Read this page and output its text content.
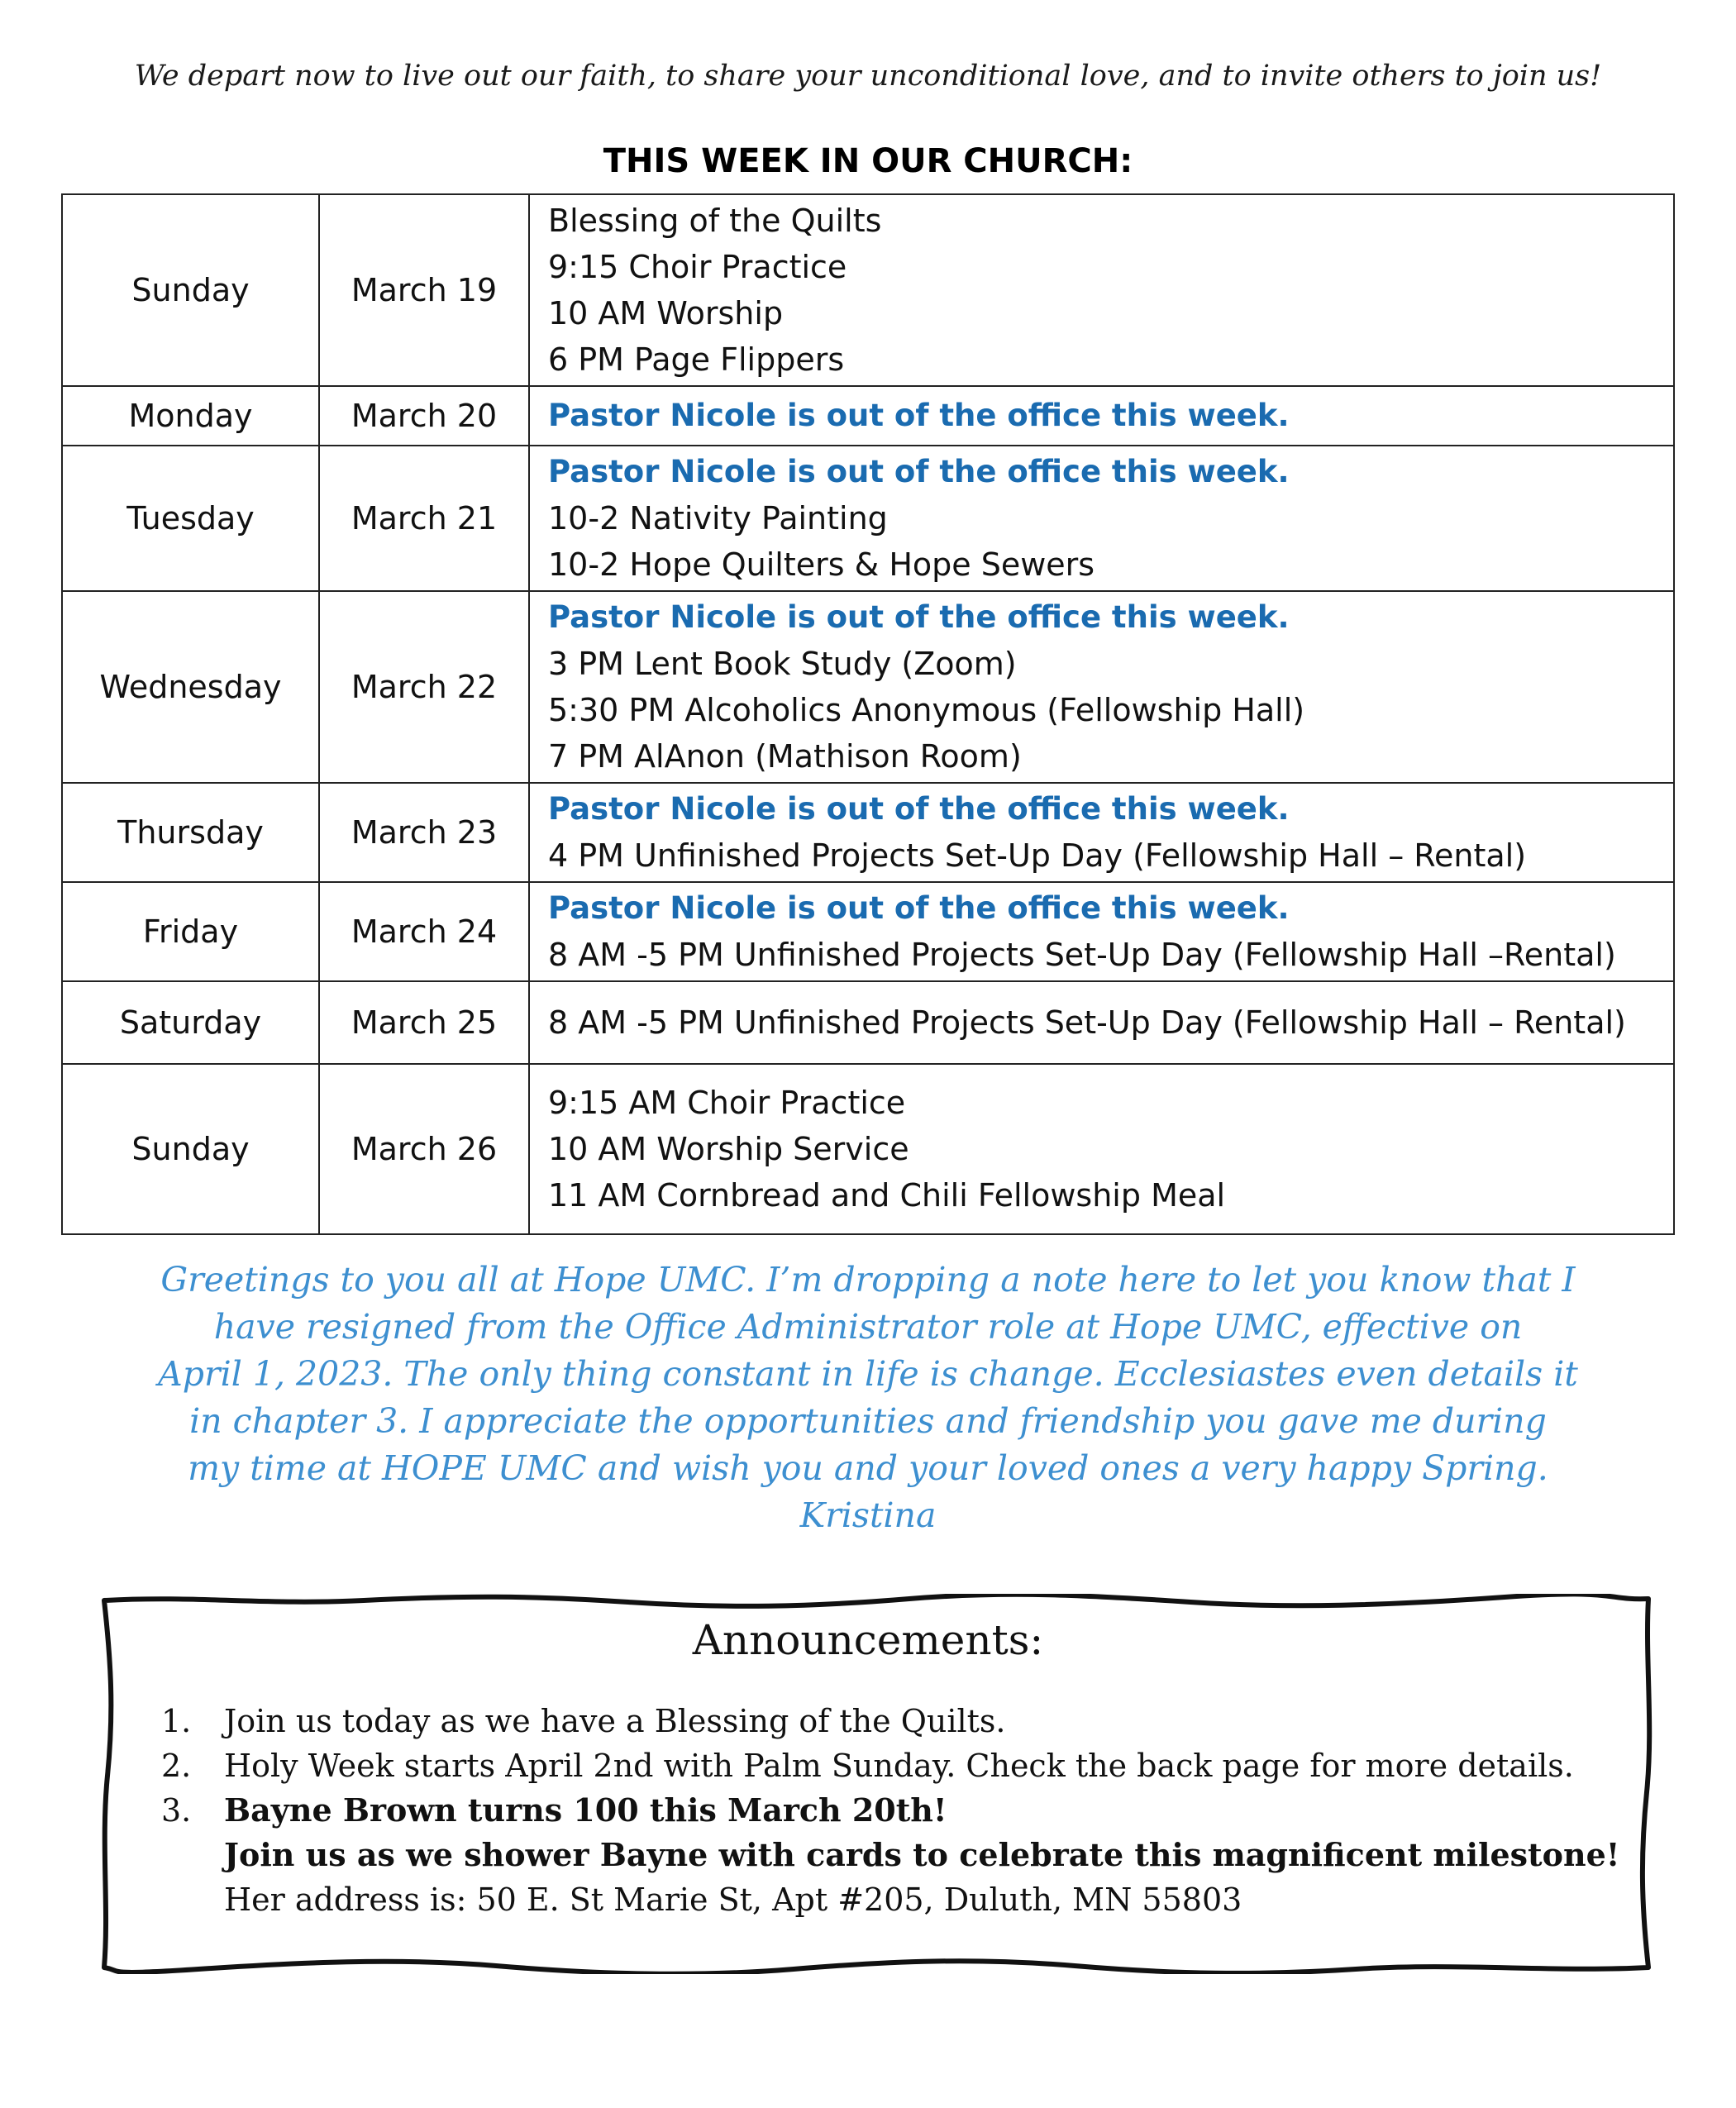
We depart now to live out our faith, to share your unconditional love, and to invite others to join us!
THIS WEEK IN OUR CHURCH:
Sunday	March 19	Blessing of the Quilts
9:15 Choir Practice
10 AM Worship
6 PM Page Flippers

Monday	March 20	Pastor Nicole is out of the office this week.

Tuesday	March 21	Pastor Nicole is out of the office this week.
10-2 Nativity Painting
10-2 Hope Quilters & Hope Sewers

Wednesday	March 22	Pastor Nicole is out of the office this week.
3 PM Lent Book Study (Zoom)
5:30 PM Alcoholics Anonymous (Fellowship Hall)
7 PM AlAnon (Mathison Room)

Thursday	March 23	Pastor Nicole is out of the office this week.
4 PM Unfinished Projects Set-Up Day (Fellowship Hall – Rental)

Friday	March 24	Pastor Nicole is out of the office this week.
8 AM -5 PM Unfinished Projects Set-Up Day (Fellowship Hall –Rental)

Saturday	March 25	8 AM -5 PM Unfinished Projects Set-Up Day (Fellowship Hall – Rental)

Sunday	March 26	9:15 AM Choir Practice
10 AM Worship Service
11 AM Cornbread and Chili Fellowship Meal
Greetings to you all at Hope UMC. I’m dropping a note here to let you know that I
have resigned from the Office Administrator role at Hope UMC, effective on
April 1, 2023. The only thing constant in life is change. Ecclesiastes even details it
in chapter 3. I appreciate the opportunities and friendship you gave me during
my time at HOPE UMC and wish you and your loved ones a very happy Spring.
Kristina
Announcements:
1.	Join us today as we have a Blessing of the Quilts.
2.	Holy Week starts April 2nd with Palm Sunday. Check the back page for more details.
3.	Bayne Brown turns 100 this March 20th!
Join us as we shower Bayne with cards to celebrate this magnificent milestone!
Her address is: 50 E. St Marie St, Apt #205, Duluth, MN 55803
